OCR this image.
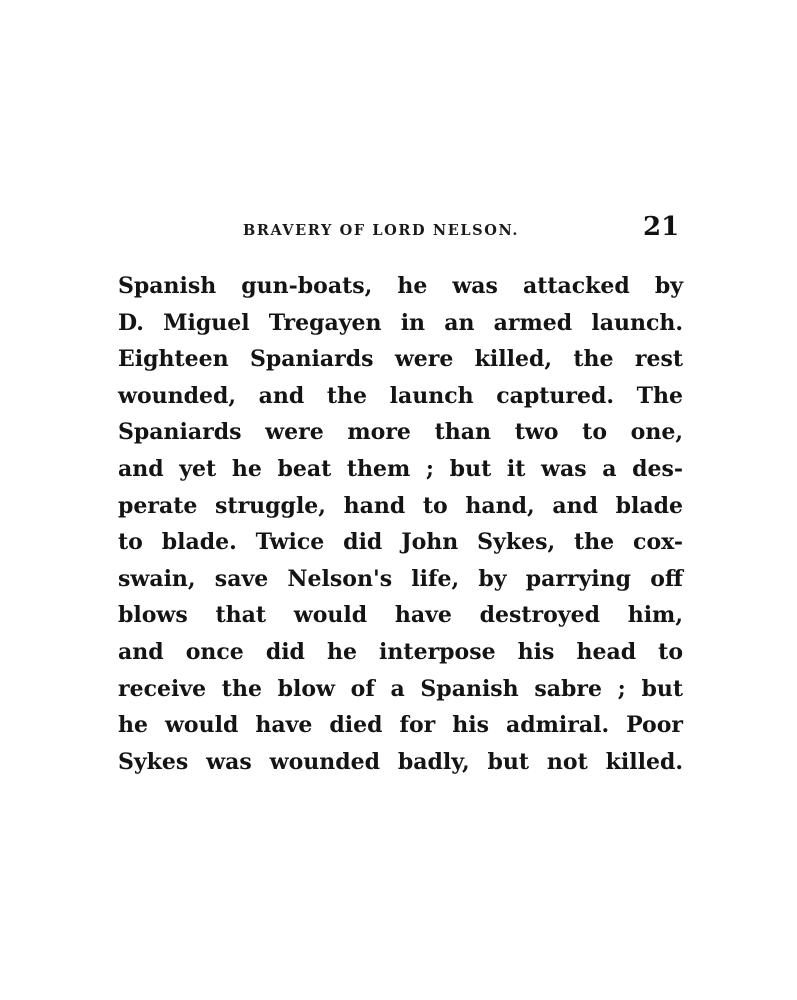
BRAVERY OF LORD NELSON.	21
Spanish gun-boats, he was attacked by
D. Miguel Tregayen in an armed launch.
Eighteen Spaniards were killed, the rest
wounded, and the launch captured. The
Spaniards were more than two to one,
and yet he beat them ; but it was a des-
perate struggle, hand to hand, and blade
to blade. Twice did John Sykes, the cox-
swain, save Nelson's life, by parrying off
blows that would have destroyed him,
and once did he interpose his head to
receive the blow of a Spanish sabre ; but
he would have died for his admiral. Poor
Sykes was wounded badly, but not killed.
